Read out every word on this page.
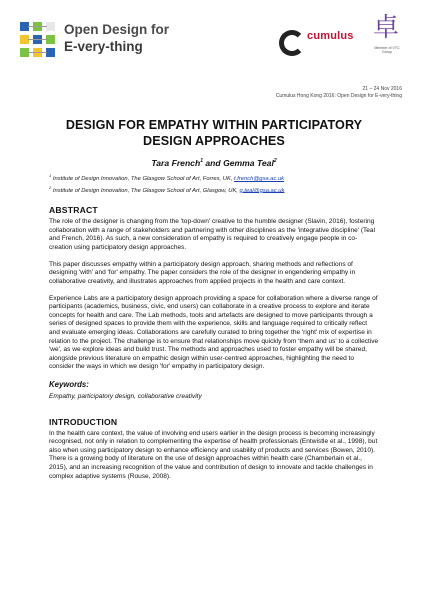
Open Design for
E-very-thing
cumulus 卓
Member of VTC Group
21 – 24 Nov 2016
Cumulus Hong Kong 2016: Open Design for E-very-thing
DESIGN FOR EMPATHY WITHIN PARTICIPATORY DESIGN APPROACHES
Tara French$^1$ and Gemma Teal$^2$
$^1$ Institute of Design Innovation, The Glasgow School of Art, Forres, UK, t.french@gsa.ac.uk
$^2$ Institute of Design Innovation, The Glasgow School of Art, Glasgow, UK, g.teal@gsa.ac.uk
ABSTRACT

The role of the designer is changing from the 'top-down' creative to the humble designer (Slavin, 2016), fostering collaboration with a range of stakeholders and partnering with other disciplines as the 'integrative discipline' (Teal and French, 2016). As such, a new consideration of empathy is required to creatively engage people in co-creation using participatory design approaches.

This paper discusses empathy within a participatory design approach, sharing methods and reflections of designing 'with' and 'for' empathy. The paper considers the role of the designer in engendering empathy in collaborative creativity, and illustrates approaches from applied projects in the health and care context.

Experience Labs are a participatory design approach providing a space for collaboration where a diverse range of participants (academics, business, civic, end users) can collaborate in a creative process to explore and iterate concepts for health and care. The Lab methods, tools and artefacts are designed to move participants through a series of designed spaces to provide them with the experience, skills and language required to critically reflect and evaluate emerging ideas. Collaborations are carefully curated to bring together the 'right' mix of expertise in relation to the project. The challenge is to ensure that relationships move quickly from 'them and us' to a collective 'we', as we explore ideas and build trust. The methods and approaches used to foster empathy will be shared, alongside previous literature on empathic design within user-centred approaches, highlighting the need to consider the ways in which we design 'for' empathy in participatory design.

Keywords:
Empathy, participatory design, collaborative creativity
INTRODUCTION

In the health care context, the value of involving end users earlier in the design process is becoming increasingly recognised, not only in relation to complementing the expertise of health professionals (Entwistle et al., 1998), but also when using participatory design to enhance efficiency and usability of products and services (Bowen, 2010). There is a growing body of literature on the use of design approaches within health care (Chamberlain et al., 2015), and an increasing recognition of the value and contribution of design to innovate and tackle challenges in complex adaptive systems (Rouse, 2008).
